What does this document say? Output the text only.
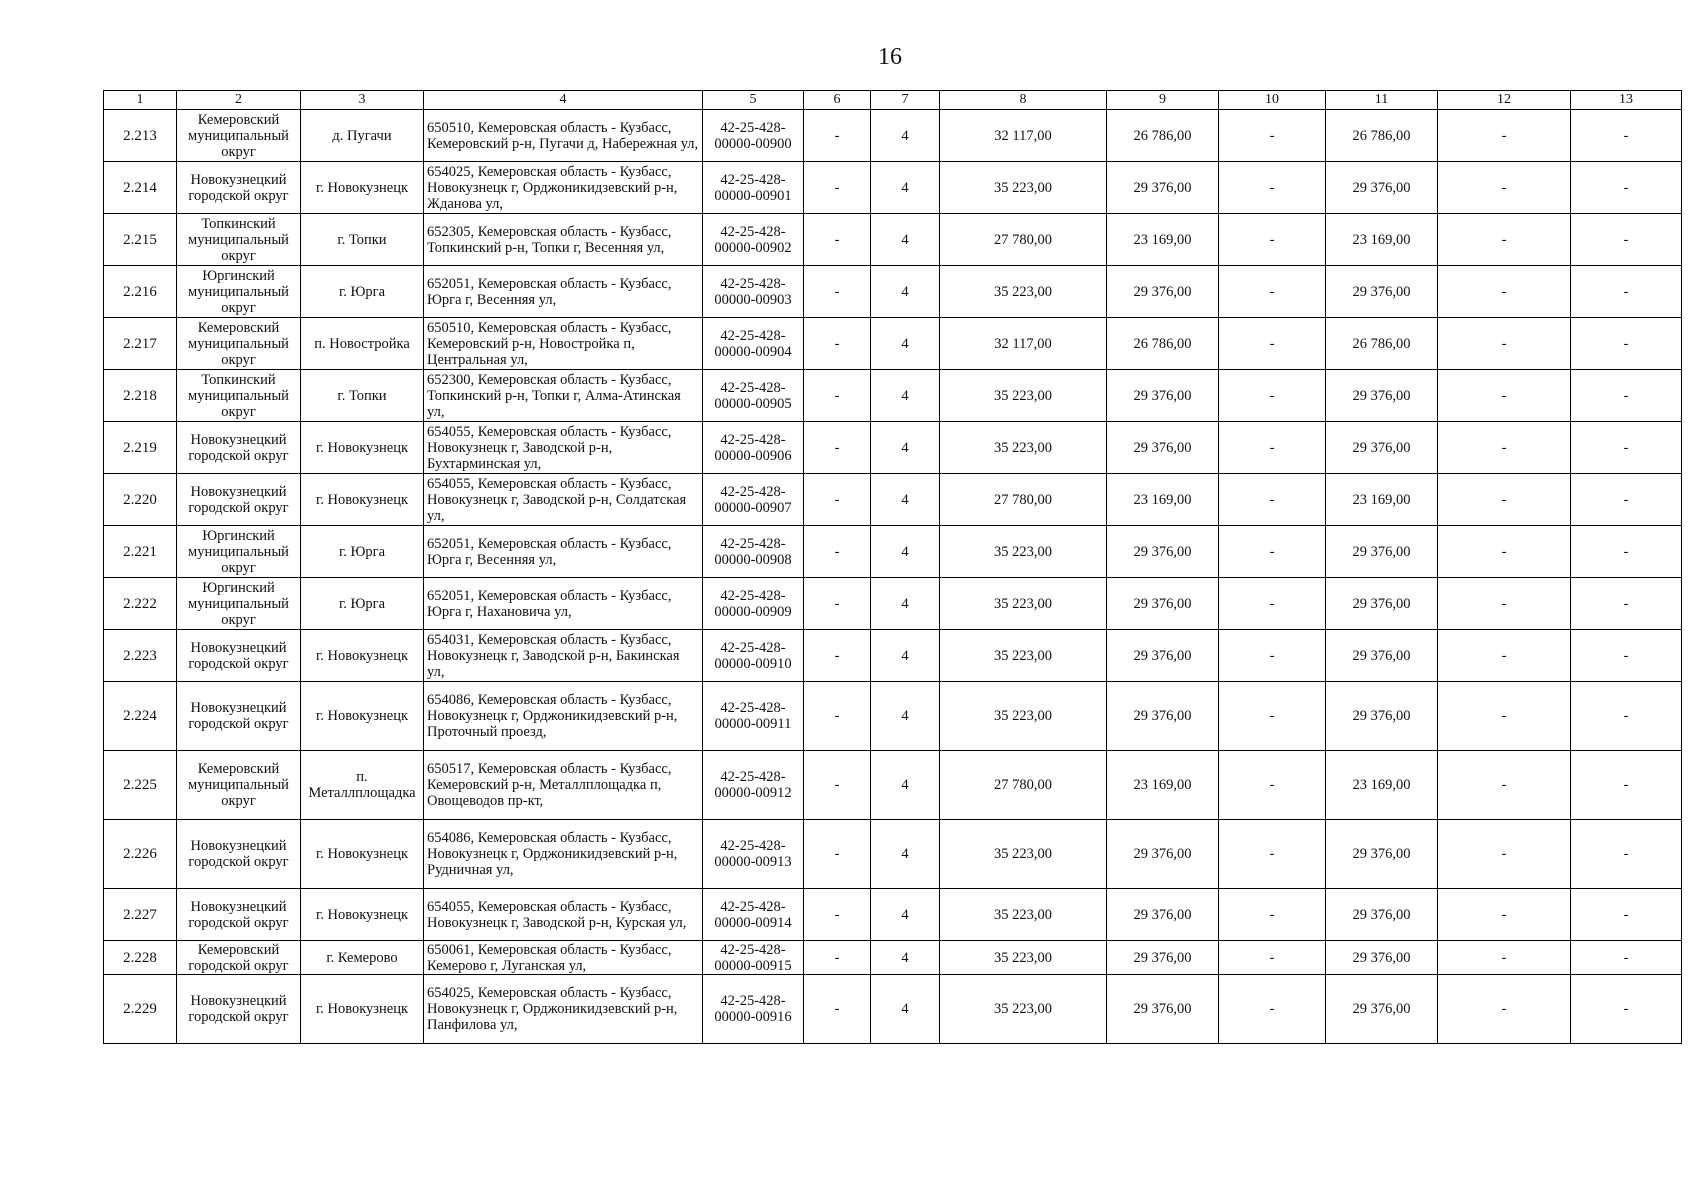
16
1	2	3	4	5	6	7	8	9	10	11	12	13
2.213	Кемеровский муниципальный округ	д. Пугачи	650510, Кемеровская область - Кузбасс, Кемеровский р-н, Пугачи д, Набережная ул,	42-25-428-00000-00900	-	4	32 117,00	26 786,00	-	26 786,00	-	-
2.214	Новокузнецкий городской округ	г. Новокузнецк	654025, Кемеровская область - Кузбасс, Новокузнецк г, Орджоникидзевский р-н, Жданова ул,	42-25-428-00000-00901	-	4	35 223,00	29 376,00	-	29 376,00	-	-
2.215	Топкинский муниципальный округ	г. Топки	652305, Кемеровская область - Кузбасс, Топкинский р-н, Топки г, Весенняя ул,	42-25-428-00000-00902	-	4	27 780,00	23 169,00	-	23 169,00	-	-
2.216	Юргинский муниципальный округ	г. Юрга	652051, Кемеровская область - Кузбасс, Юрга г, Весенняя ул,	42-25-428-00000-00903	-	4	35 223,00	29 376,00	-	29 376,00	-	-
2.217	Кемеровский муниципальный округ	п. Новостройка	650510, Кемеровская область - Кузбасс, Кемеровский р-н, Новостройка п, Центральная ул,	42-25-428-00000-00904	-	4	32 117,00	26 786,00	-	26 786,00	-	-
2.218	Топкинский муниципальный округ	г. Топки	652300, Кемеровская область - Кузбасс, Топкинский р-н, Топки г, Алма-Атинская ул,	42-25-428-00000-00905	-	4	35 223,00	29 376,00	-	29 376,00	-	-
2.219	Новокузнецкий городской округ	г. Новокузнецк	654055, Кемеровская область - Кузбасс, Новокузнецк г, Заводской р-н, Бухтарминская ул,	42-25-428-00000-00906	-	4	35 223,00	29 376,00	-	29 376,00	-	-
2.220	Новокузнецкий городской округ	г. Новокузнецк	654055, Кемеровская область - Кузбасс, Новокузнецк г, Заводской р-н, Солдатская ул,	42-25-428-00000-00907	-	4	27 780,00	23 169,00	-	23 169,00	-	-
2.221	Юргинский муниципальный округ	г. Юрга	652051, Кемеровская область - Кузбасс, Юрга г, Весенняя ул,	42-25-428-00000-00908	-	4	35 223,00	29 376,00	-	29 376,00	-	-
2.222	Юргинский муниципальный округ	г. Юрга	652051, Кемеровская область - Кузбасс, Юрга г, Нахановича ул,	42-25-428-00000-00909	-	4	35 223,00	29 376,00	-	29 376,00	-	-
2.223	Новокузнецкий городской округ	г. Новокузнецк	654031, Кемеровская область - Кузбасс, Новокузнецк г, Заводской р-н, Бакинская ул,	42-25-428-00000-00910	-	4	35 223,00	29 376,00	-	29 376,00	-	-
2.224	Новокузнецкий городской округ	г. Новокузнецк	654086, Кемеровская область - Кузбасс, Новокузнецк г, Орджоникидзевский р-н, Проточный проезд,	42-25-428-00000-00911	-	4	35 223,00	29 376,00	-	29 376,00	-	-
2.225	Кемеровский муниципальный округ	п. Металлплощадка	650517, Кемеровская область - Кузбасс, Кемеровский р-н, Металлплощадка п, Овощеводов пр-кт,	42-25-428-00000-00912	-	4	27 780,00	23 169,00	-	23 169,00	-	-
2.226	Новокузнецкий городской округ	г. Новокузнецк	654086, Кемеровская область - Кузбасс, Новокузнецк г, Орджоникидзевский р-н, Рудничная ул,	42-25-428-00000-00913	-	4	35 223,00	29 376,00	-	29 376,00	-	-
2.227	Новокузнецкий городской округ	г. Новокузнецк	654055, Кемеровская область - Кузбасс, Новокузнецк г, Заводской р-н, Курская ул,	42-25-428-00000-00914	-	4	35 223,00	29 376,00	-	29 376,00	-	-
2.228	Кемеровский городской округ	г. Кемерово	650061, Кемеровская область - Кузбасс, Кемерово г, Луганская ул,	42-25-428-00000-00915	-	4	35 223,00	29 376,00	-	29 376,00	-	-
2.229	Новокузнецкий городской округ	г. Новокузнецк	654025, Кемеровская область - Кузбасс, Новокузнецк г, Орджоникидзевский р-н, Панфилова ул,	42-25-428-00000-00916	-	4	35 223,00	29 376,00	-	29 376,00	-	-
